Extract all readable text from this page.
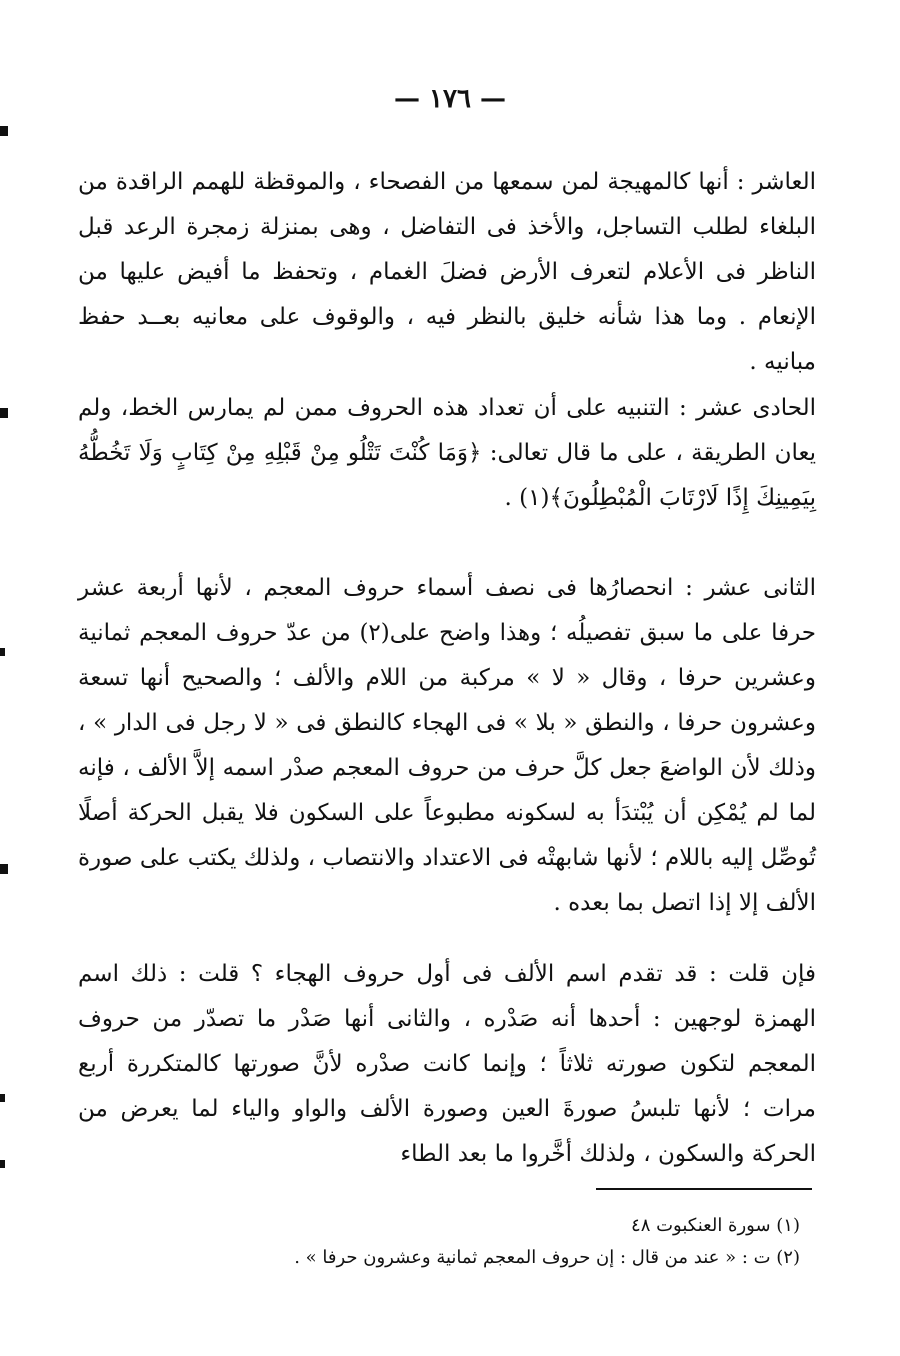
— ١٧٦ —
العاشر : أنها كالمهيجة لمن سمعها من الفصحاء ، والموقظة للهمم الراقدة من البلغاء لطلب التساجل، والأخذ فى التفاضل ، وهى بمنزلة زمجرة الرعد قبل الناظر فى الأعلام لتعرف الأرض فضلَ الغمام ، وتحفظ ما أفيض عليها من الإنعام . وما هذا شأنه خليق بالنظر فيه ، والوقوف على معانيه بعــد حفظ مبانيه .
الحادى عشر : التنبيه على أن تعداد هذه الحروف ممن لم يمارس الخط، ولم يعان الطريقة ، على ما قال تعالى: ﴿وَمَا كُنْتَ تَتْلُو مِنْ قَبْلِهِ مِنْ كِتَابٍ وَلَا تَخُطُّهُ بِيَمِينِكَ إِذًا لَارْتَابَ الْمُبْطِلُونَ﴾(١) .
الثانى عشر : انحصارُها فى نصف أسماء حروف المعجم ، لأنها أربعة عشر حرفا على ما سبق تفصيلُه ؛ وهذا واضح على(٢) من عدّ حروف المعجم ثمانية وعشرين حرفا ، وقال « لا » مركبة من اللام والألف ؛ والصحيح أنها تسعة وعشرون حرفا ، والنطق « بلا » فى الهجاء كالنطق فى « لا رجل فى الدار » ، وذلك لأن الواضعَ جعل كلَّ حرف من حروف المعجم صدْر اسمه إلاَّ الألف ، فإنه لما لم يُمْكِن أن يُبْتدَأ به لسكونه مطبوعاً على السكون فلا يقبل الحركة أصلًا تُوصِّل إليه باللام ؛ لأنها شابهتْه فى الاعتداد والانتصاب ، ولذلك يكتب على صورة الألف إلا إذا اتصل بما بعده .
فإن قلت : قد تقدم اسم الألف فى أول حروف الهجاء ؟ قلت : ذلك اسم الهمزة لوجهين : أحدها أنه صَدْره ، والثانى أنها صَدْر ما تصدّر من حروف المعجم لتكون صورته ثلاثاً ؛ وإنما كانت صدْره لأنَّ صورتها كالمتكررة أربع مرات ؛ لأنها تلبسُ صورةَ العين وصورة الألف والواو والياء لما يعرض من الحركة والسكون ، ولذلك أخَّروا ما بعد الطاء
(١) سورة العنكبوت ٤٨
(٢) ت : « عند من قال : إن حروف المعجم ثمانية وعشرون حرفا » .
